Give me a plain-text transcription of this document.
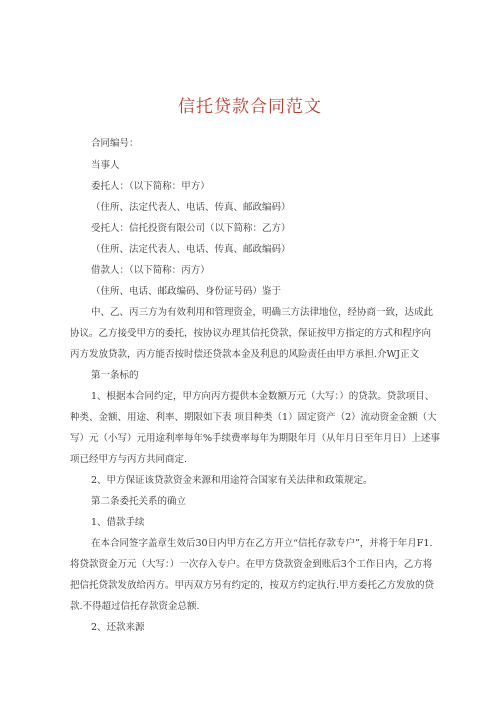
信托贷款合同范文
合同编号：
当事人
委托人：（以下简称：甲方）
（住所、法定代表人、电话、传真、邮政编码）
受托人：信托投资有限公司（以下简称：乙方）
（住所、法定代表人、电话、传真、邮政编码）
借款人：（以下简称：丙方）
（住所、电话、邮政编码、身份证号码）鉴于
中、乙、丙三方为有效利用和管理资金，明确三方法律地位，经协商一致，达成此
协议。乙方接受甲方的委托，按协议办理其信托贷款，保证按甲方指定的方式和程序向
丙方发放贷款，丙方能否按时偿还贷款本金及利息的风险责任由甲方承担.介WJ正文
第一条标的
1、根据本合同约定，甲方向丙方提供本金数额万元（大写：）的贷款。贷款项目、
种类、金额、用途、利率、期限如下表 项目种类（1）固定资产（2）流动资金金额（大
写）元（小写）元用途利率每年%手续费率每年为期限年月（从年月日至年月日）上述事
项已经甲方与丙方共同商定.
2、甲方保证该贷款资金来源和用途符合国家有关法律和政策规定。
第二条委托关系的确立
1、借款手续
在本合同签字盖章生效后30日内甲方在乙方开立“信托存款专户”，并将于年月F1.
将贷款资金万元（大写：）一次存入专户。在甲方贷款资金到账后3个工作日内，乙方将
把信托贷款发放给丙方。甲丙双方另有约定的，按双方约定执行.甲方委托乙方发放的贷
款.不得超过信托存款资金总额.
2、还款来源
